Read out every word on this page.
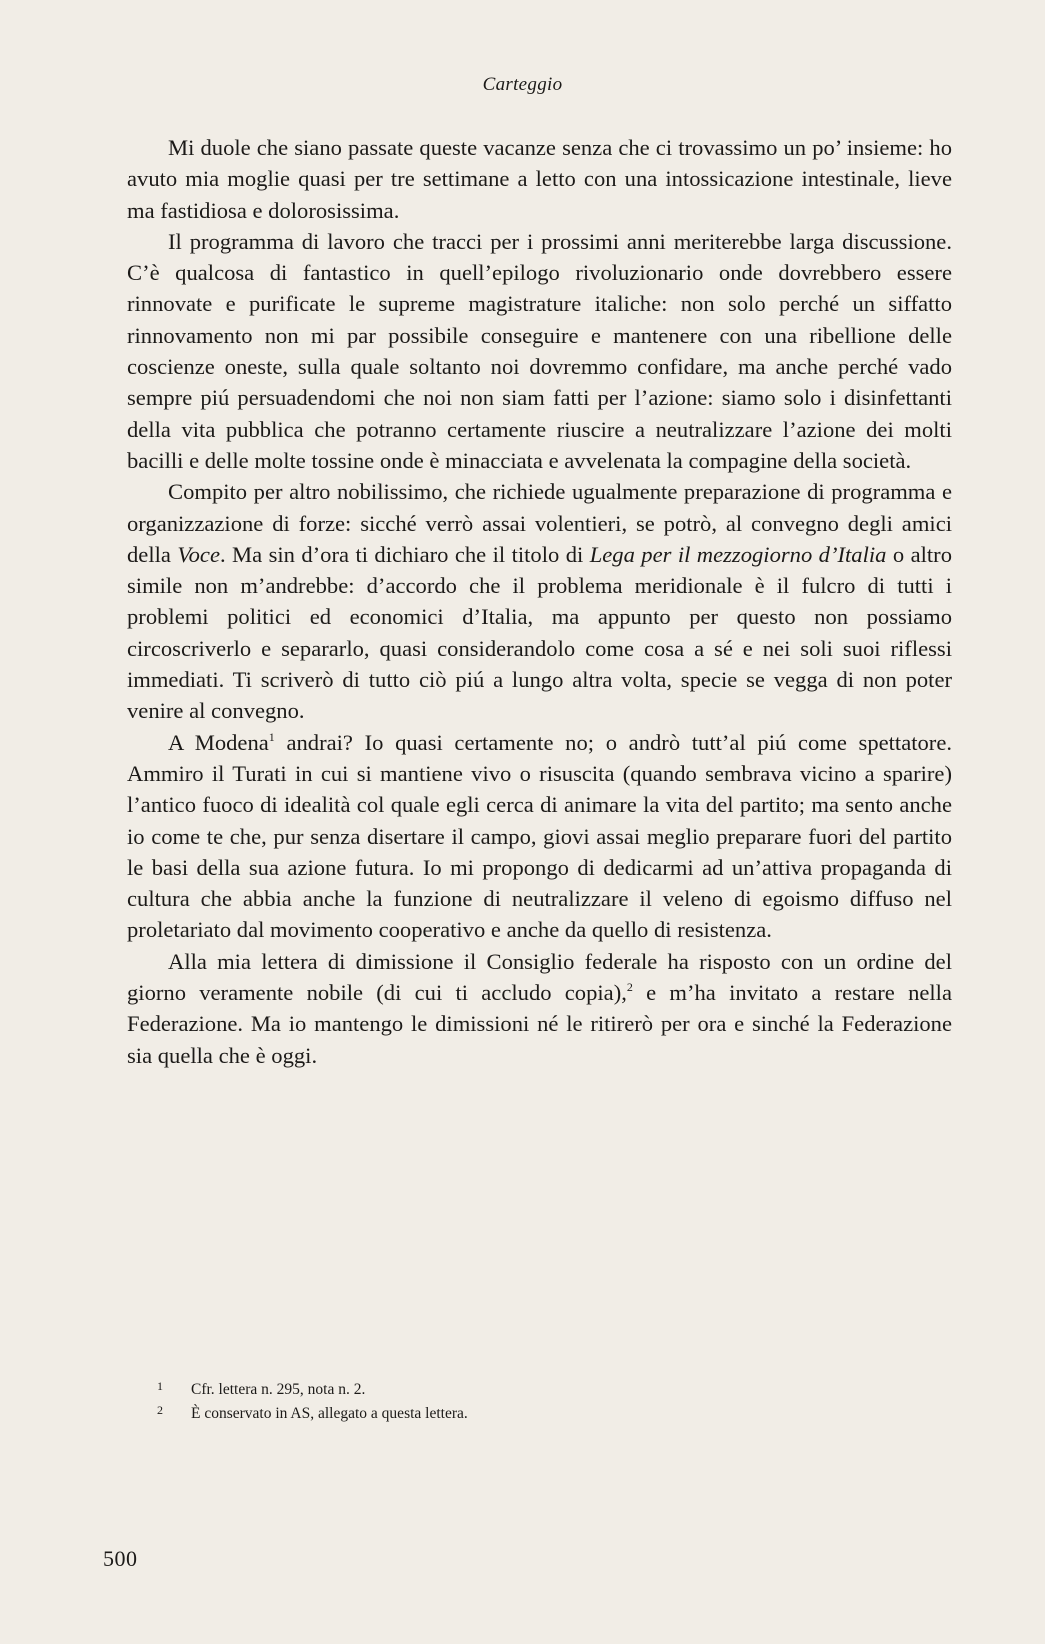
Carteggio

Mi duole che siano passate queste vacanze senza che ci trovassimo un po’ insieme: ho avuto mia moglie quasi per tre settimane a letto con una intossicazione intestinale, lieve ma fastidiosa e dolorosissima.

Il programma di lavoro che tracci per i prossimi anni meriterebbe larga discussione. C’è qualcosa di fantastico in quell’epilogo rivoluzionario onde dovrebbero essere rinnovate e purificate le supreme magistrature italiche: non solo perché un siffatto rinnovamento non mi par possibile conseguire e mantenere con una ribellione delle coscienze oneste, sulla quale soltanto noi dovremmo confidare, ma anche perché vado sempre piú persuadendomi che noi non siam fatti per l’azione: siamo solo i disinfettanti della vita pubblica che potranno certamente riuscire a neutralizzare l’azione dei molti bacilli e delle molte tossine onde è minacciata e avvelenata la compagine della società.

Compito per altro nobilissimo, che richiede ugualmente preparazione di programma e organizzazione di forze: sicché verrò assai volentieri, se potrò, al convegno degli amici della Voce. Ma sin d’ora ti dichiaro che il titolo di Lega per il mezzogiorno d’Italia o altro simile non m’andrebbe: d’accordo che il problema meridionale è il fulcro di tutti i problemi politici ed economici d’Italia, ma appunto per questo non possiamo circoscriverlo e separarlo, quasi considerandolo come cosa a sé e nei soli suoi riflessi immediati. Ti scriverò di tutto ciò piú a lungo altra volta, specie se vegga di non poter venire al convegno.

A Modena$^1$ andrai? Io quasi certamente no; o andrò tutt’al piú come spettatore. Ammiro il Turati in cui si mantiene vivo o risuscita (quando sembrava vicino a sparire) l’antico fuoco di idealità col quale egli cerca di animare la vita del partito; ma sento anche io come te che, pur senza disertare il campo, giovi assai meglio preparare fuori del partito le basi della sua azione futura. Io mi propongo di dedicarmi ad un’attiva propaganda di cultura che abbia anche la funzione di neutralizzare il veleno di egoismo diffuso nel proletariato dal movimento cooperativo e anche da quello di resistenza.

Alla mia lettera di dimissione il Consiglio federale ha risposto con un ordine del giorno veramente nobile (di cui ti accludo copia),$^2$ e m’ha invitato a restare nella Federazione. Ma io mantengo le dimissioni né le ritirerò per ora e sinché la Federazione sia quella che è oggi.

1	Cfr. lettera n. 295, nota n. 2.
2	È conservato in AS, allegato a questa lettera.
500
